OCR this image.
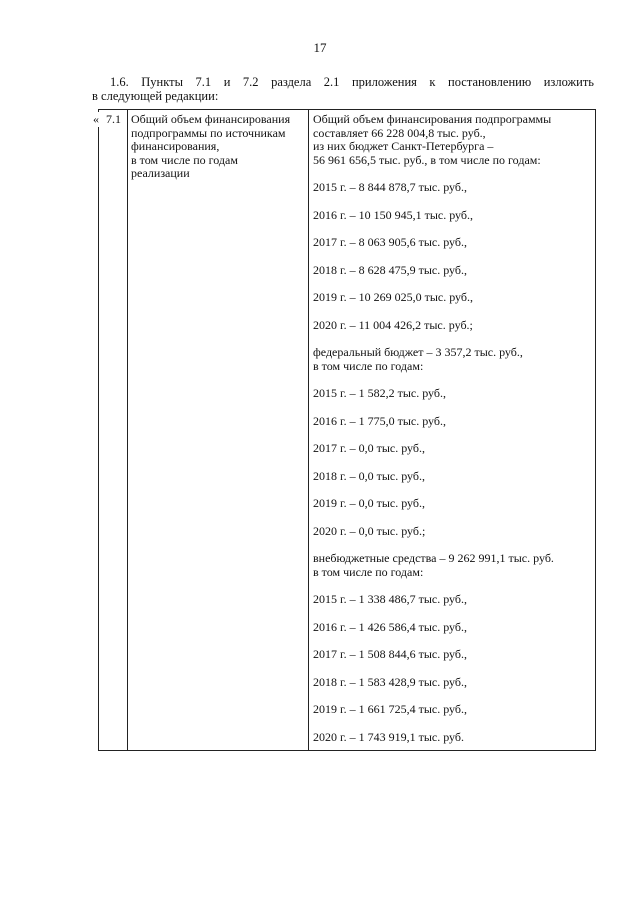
17
1.6. Пункты 7.1 и 7.2 раздела 2.1 приложения к постановлению изложить
в следующей редакции:
« 7.1 Общий объем финансирования
подпрограммы по источникам
финансирования,
в том числе по годам
реализации
Общий объем финансирования подпрограммы
составляет 66 228 004,8 тыс. руб.,
из них бюджет Санкт-Петербурга –
56 961 656,5 тыс. руб., в том числе по годам:
2015 г. – 8 844 878,7 тыс. руб.,
2016 г. – 10 150 945,1 тыс. руб.,
2017 г. – 8 063 905,6 тыс. руб.,
2018 г. – 8 628 475,9 тыс. руб.,
2019 г. – 10 269 025,0 тыс. руб.,
2020 г. – 11 004 426,2 тыс. руб.;
федеральный бюджет – 3 357,2 тыс. руб.,
в том числе по годам:
2015 г. – 1 582,2 тыс. руб.,
2016 г. – 1 775,0 тыс. руб.,
2017 г. – 0,0 тыс. руб.,
2018 г. – 0,0 тыс. руб.,
2019 г. – 0,0 тыс. руб.,
2020 г. – 0,0 тыс. руб.;
внебюджетные средства – 9 262 991,1 тыс. руб.
в том числе по годам:
2015 г. – 1 338 486,7 тыс. руб.,
2016 г. – 1 426 586,4 тыс. руб.,
2017 г. – 1 508 844,6 тыс. руб.,
2018 г. – 1 583 428,9 тыс. руб.,
2019 г. – 1 661 725,4 тыс. руб.,
2020 г. – 1 743 919,1 тыс. руб.
